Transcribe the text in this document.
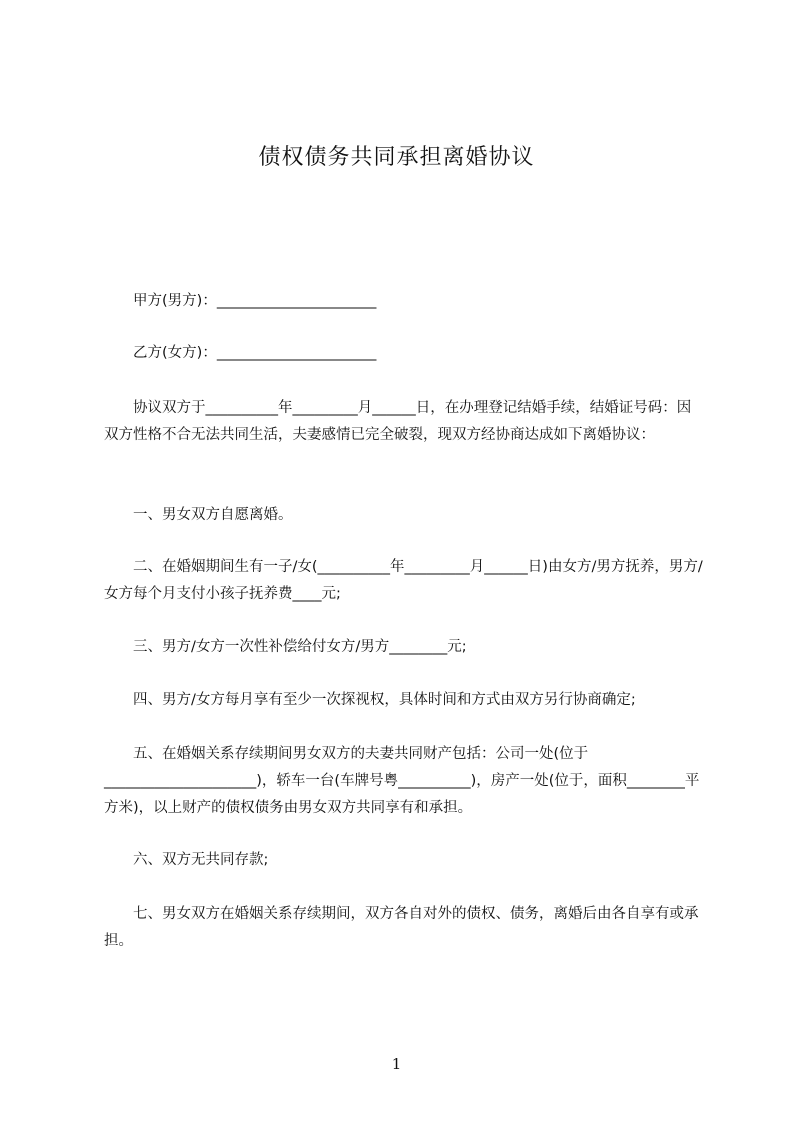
债权债务共同承担离婚协议

　　甲方(男方)：______________________

　　乙方(女方)：______________________

　　协议双方于__________年_________月______日，在办理登记结婚手续，结婚证号码：因双方性格不合无法共同生活，夫妻感情已完全破裂，现双方经协商达成如下离婚协议：

　　一、男女双方自愿离婚。

　　二、在婚姻期间生有一子/女(__________年_________月______日)由女方/男方抚养，男方/女方每个月支付小孩子抚养费____元;

　　三、男方/女方一次性补偿给付女方/男方________元;

　　四、男方/女方每月享有至少一次探视权，具体时间和方式由双方另行协商确定;

　　五、在婚姻关系存续期间男女双方的夫妻共同财产包括：公司一处(位于_____________________)，轿车一台(车牌号粤__________)，房产一处(位于，面积________平方米)，以上财产的债权债务由男女双方共同享有和承担。

　　六、双方无共同存款;

　　七、男女双方在婚姻关系存续期间，双方各自对外的债权、债务，离婚后由各自享有或承担。

1
